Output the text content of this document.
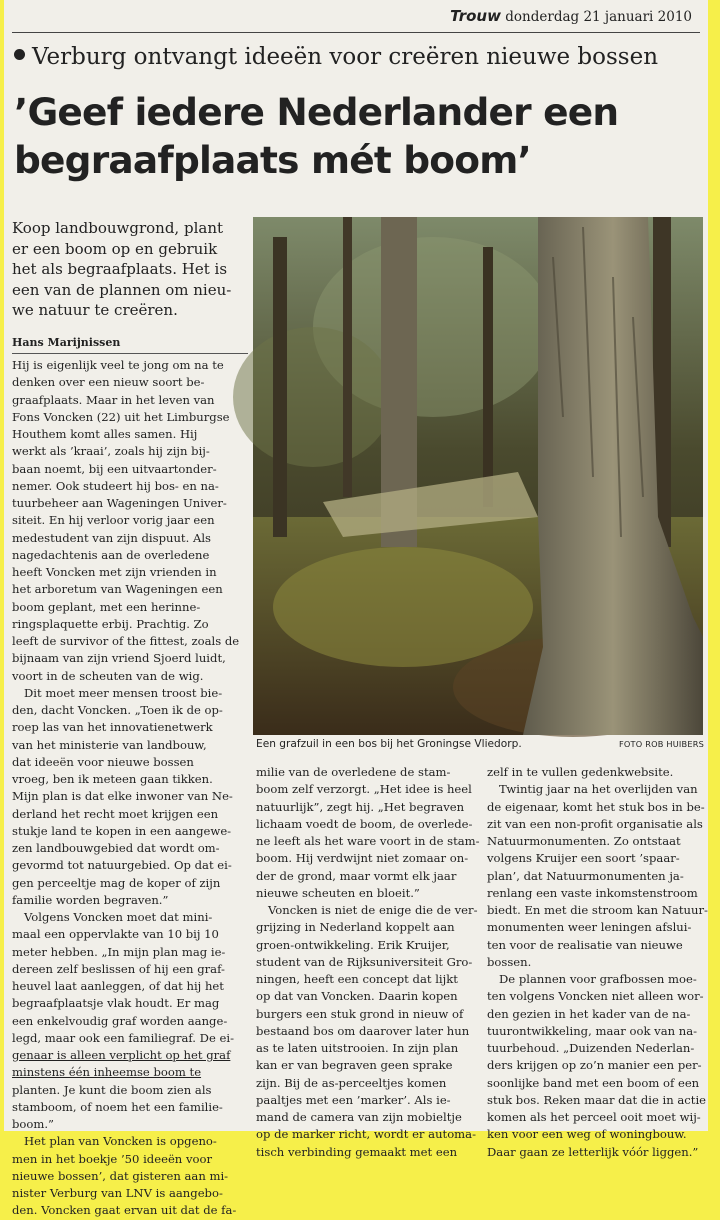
Trouw donderdag 21 januari 2010
Verburg ontvangt ideeën voor creëren nieuwe bossen
’Geef iedere Nederlander een
begraafplaats mét boom’
Koop landbouwgrond, plant
er een boom op en gebruik
het als begraafplaats. Het is
een van de plannen om nieu-
we natuur te creëren.
Hans Marijnissen
Hij is eigenlijk veel te jong om na te
denken over een nieuw soort be-
graafplaats. Maar in het leven van
Fons Voncken (22) uit het Limburgse
Houthem komt alles samen. Hij
werkt als ’kraai’, zoals hij zijn bij-
baan noemt, bij een uitvaartonder-
nemer. Ook studeert hij bos- en na-
tuurbeheer aan Wageningen Univer-
siteit. En hij verloor vorig jaar een
medestudent van zijn dispuut. Als
nagedachtenis aan de overledene
heeft Voncken met zijn vrienden in
het arboretum van Wageningen een
boom geplant, met een herinne-
ringsplaquette erbij. Prachtig. Zo
leeft de survivor of the fittest, zoals de
bijnaam van zijn vriend Sjoerd luidt,
voort in de scheuten van de wig.
Dit moet meer mensen troost bie-
den, dacht Voncken. „Toen ik de op-
roep las van het innovatienetwerk
van het ministerie van landbouw,
dat ideeën voor nieuwe bossen
vroeg, ben ik meteen gaan tikken.
Mijn plan is dat elke inwoner van Ne-
derland het recht moet krijgen een
stukje land te kopen in een aangewe-
zen landbouwgebied dat wordt om-
gevormd tot natuurgebied. Op dat ei-
gen perceeltje mag de koper of zijn
familie worden begraven.”
Volgens Voncken moet dat mini-
maal een oppervlakte van 10 bij 10
meter hebben. „In mijn plan mag ie-
dereen zelf beslissen of hij een graf-
heuvel laat aanleggen, of dat hij het
begraafplaatsje vlak houdt. Er mag
een enkelvoudig graf worden aange-
legd, maar ook een familiegraf. De ei-
genaar is alleen verplicht op het graf
minstens één inheemse boom te
planten. Je kunt die boom zien als
stamboom, of noem het een familie-
boom.”
Het plan van Voncken is opgeno-
men in het boekje ’50 ideeën voor
nieuwe bossen’, dat gisteren aan mi-
nister Verburg van LNV is aangebo-
den. Voncken gaat ervan uit dat de fa-
Een grafzuil in een bos bij het Groningse Vliedorp.	FOTO ROB HUIBERS
milie van de overledene de stam-
boom zelf verzorgt. „Het idee is heel
natuurlijk”, zegt hij. „Het begraven
lichaam voedt de boom, de overlede-
ne leeft als het ware voort in de stam-
boom. Hij verdwijnt niet zomaar on-
der de grond, maar vormt elk jaar
nieuwe scheuten en bloeit.”
Voncken is niet de enige die de ver-
grijzing in Nederland koppelt aan
groen-ontwikkeling. Erik Kruijer,
student van de Rijksuniversiteit Gro-
ningen, heeft een concept dat lijkt
op dat van Voncken. Daarin kopen
burgers een stuk grond in nieuw of
bestaand bos om daarover later hun
as te laten uitstrooien. In zijn plan
kan er van begraven geen sprake
zijn. Bij de as-perceeltjes komen
paaltjes met een ’marker’. Als ie-
mand de camera van zijn mobieltje
op de marker richt, wordt er automa-
tisch verbinding gemaakt met een
zelf in te vullen gedenkwebsite.
Twintig jaar na het overlijden van
de eigenaar, komt het stuk bos in be-
zit van een non-profit organisatie als
Natuurmonumenten. Zo ontstaat
volgens Kruijer een soort ’spaar-
plan’, dat Natuurmonumenten ja-
renlang een vaste inkomstenstroom
biedt. En met die stroom kan Natuur-
monumenten weer leningen afslui-
ten voor de realisatie van nieuwe
bossen.
De plannen voor grafbossen moe-
ten volgens Voncken niet alleen wor-
den gezien in het kader van de na-
tuurontwikkeling, maar ook van na-
tuurbehoud. „Duizenden Nederlan-
ders krijgen op zo’n manier een per-
soonlijke band met een boom of een
stuk bos. Reken maar dat die in actie
komen als het perceel ooit moet wij-
ken voor een weg of woningbouw.
Daar gaan ze letterlijk vóór liggen.”
